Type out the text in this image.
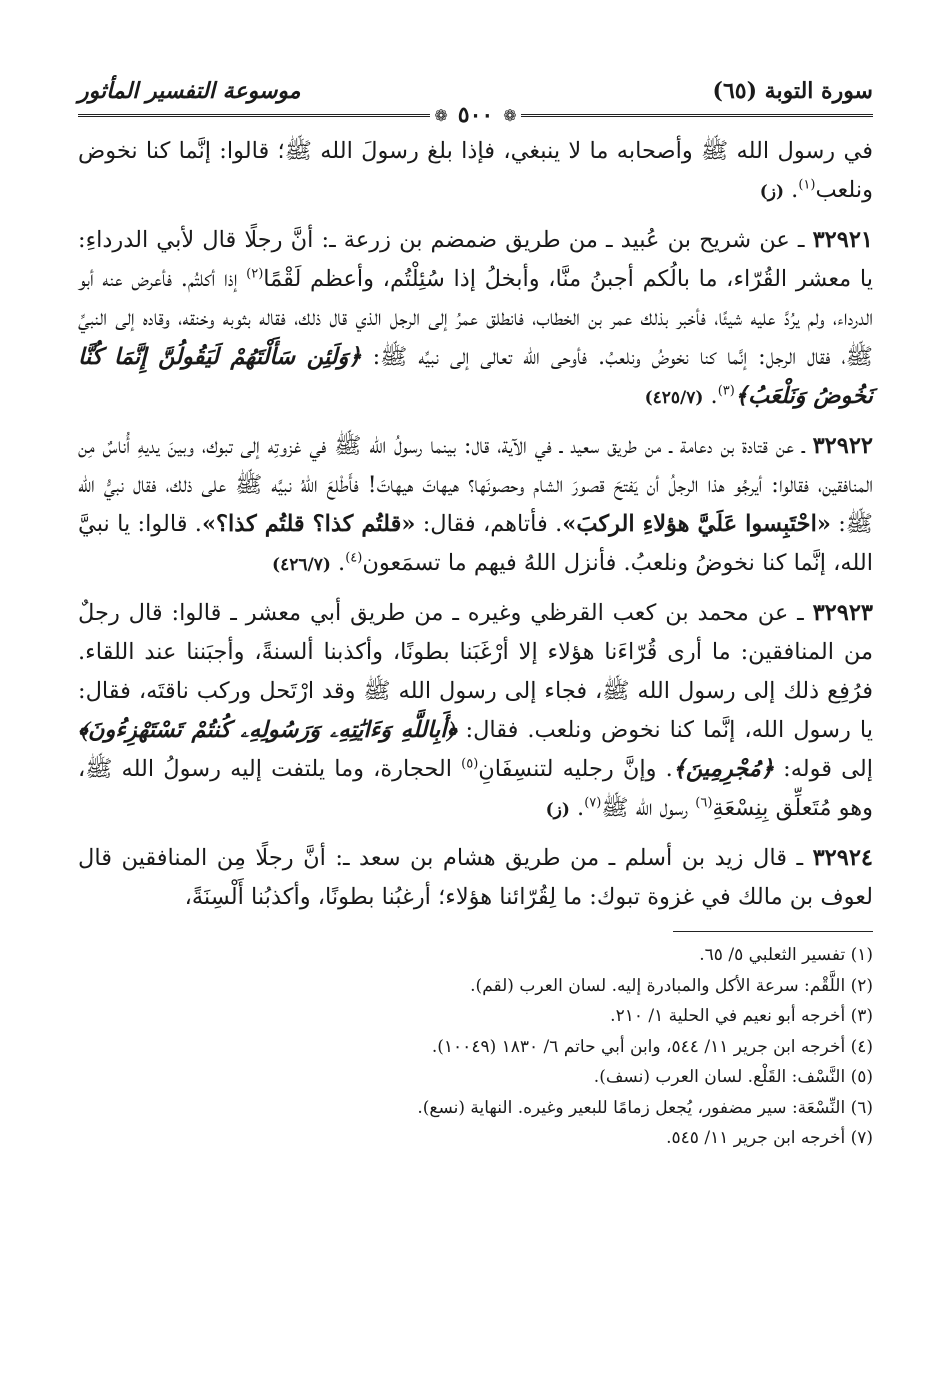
سورة التوبة (٦٥)
موسوعة التفسير المأثور
❁ ٥٠٠ ❁

في رسول الله ﷺ وأصحابه ما لا ينبغي، فإذا بلغ رسولَ الله ﷺ؛ قالوا: إنَّما كنا نخوض ونلعب$^{(١)}$. (ز)

٣٢٩٢١ ـ عن شريح بن عُبيد ـ من طريق ضمضم بن زرعة ـ: أنَّ رجلًا قال لأبي الدرداءِ: يا معشر القُرّاء، ما بالُكم أجبنُ منَّا، وأبخلُ إذا سُئِلْتُم، وأعظم لَقْمًا$^{(٢)}$ إذا أكلتُم. فأعرض عنه أبو الدرداء، ولم يرُدَّ عليه شيئًا، فأخبر بذلك عمر بن الخطاب، فانطلق عمرُ إلى الرجل الذي قال ذلك، فقاله بثوبه وخنقه، وقاده إلى النبيِّ ﷺ، فقال الرجل: إنَّما كنا نخوضُ ونلعبُ. فأوحى الله تعالى إلى نبيِّه ﷺ: ﴿وَلَئِن سَأَلْتَهُمْ لَيَقُولُنَّ إِنَّمَا كُنَّا نَخُوضُ وَنَلْعَبُ﴾$^{(٣)}$. (٤٢٥/٧)

٣٢٩٢٢ ـ عن قتادة بن دعامة ـ من طريق سعيد ـ في الآية، قال: بينما رسولُ الله ﷺ في غزوتِه إلى تبوك، وبينَ يديهِ أُناسٌ مِن المنافقين، فقالوا: أيرجُو هذا الرجلُ أن يَفتحَ قصورَ الشام وحصونَها؟ هيهاتَ هيهاتَ! فأَطْلعَ اللهُ نبيَّه ﷺ على ذلك، فقال نبيُّ الله ﷺ: «احْتَبِسوا عَلَيَّ هؤلاءِ الركبَ». فأتاهم، فقال: «قلتُم كذا؟ قلتُم كذا؟». قالوا: يا نبيَّ الله، إنَّما كنا نخوضُ ونلعبُ. فأنزل اللهُ فيهم ما تسمَعون$^{(٤)}$. (٤٢٦/٧)

٣٢٩٢٣ ـ عن محمد بن كعب القرظي وغيره ـ من طريق أبي معشر ـ قالوا: قال رجلٌ من المنافقين: ما أرى قُرّاءَنا هؤلاء إلا أرْغَبَنا بطونًا، وأكذبنا ألسنةً، وأجبَننا عند اللقاء. فرُفِع ذلك إلى رسول الله ﷺ، فجاء إلى رسول الله ﷺ وقد ارْتَحل وركب ناقتَه، فقال: يا رسول الله، إنَّما كنا نخوض ونلعب. فقال: ﴿أَبِاللَّهِ وَءَايَٰتِهِۦ وَرَسُولِهِۦ كُنتُمْ تَسْتَهْزِءُونَ﴾ إلى قوله: ﴿مُجْرِمِينَ﴾. وإنَّ رجليه لتنسِفَانِ$^{(٥)}$ الحجارة، وما يلتفت إليه رسولُ الله ﷺ، وهو مُتَعلِّق بِنِسْعَةِ$^{(٦)}$ رسول الله ﷺ$^{(٧)}$. (ز)

٣٢٩٢٤ ـ قال زيد بن أسلم ـ من طريق هشام بن سعد ـ: أنَّ رجلًا مِن المنافقين قال لعوف بن مالك في غزوة تبوك: ما لِقُرّائنا هؤلاء؛ أرغبُنا بطونًا، وأكذبُنا أَلْسِنَةً،

(١) تفسير الثعلبي ٥/ ٦٥.

(٢) اللَّقْم: سرعة الأكل والمبادرة إليه. لسان العرب (لقم).

(٣) أخرجه أبو نعيم في الحلية ١/ ٢١٠.

(٤) أخرجه ابن جرير ١١/ ٥٤٤، وابن أبي حاتم ٦/ ١٨٣٠ (١٠٠٤٩).

(٥) النَّسْف: القَلْع. لسان العرب (نسف).

(٦) النِّسْعَة: سير مضفور، يُجعل زمامًا للبعير وغيره. النهاية (نسع).

(٧) أخرجه ابن جرير ١١/ ٥٤٥.
